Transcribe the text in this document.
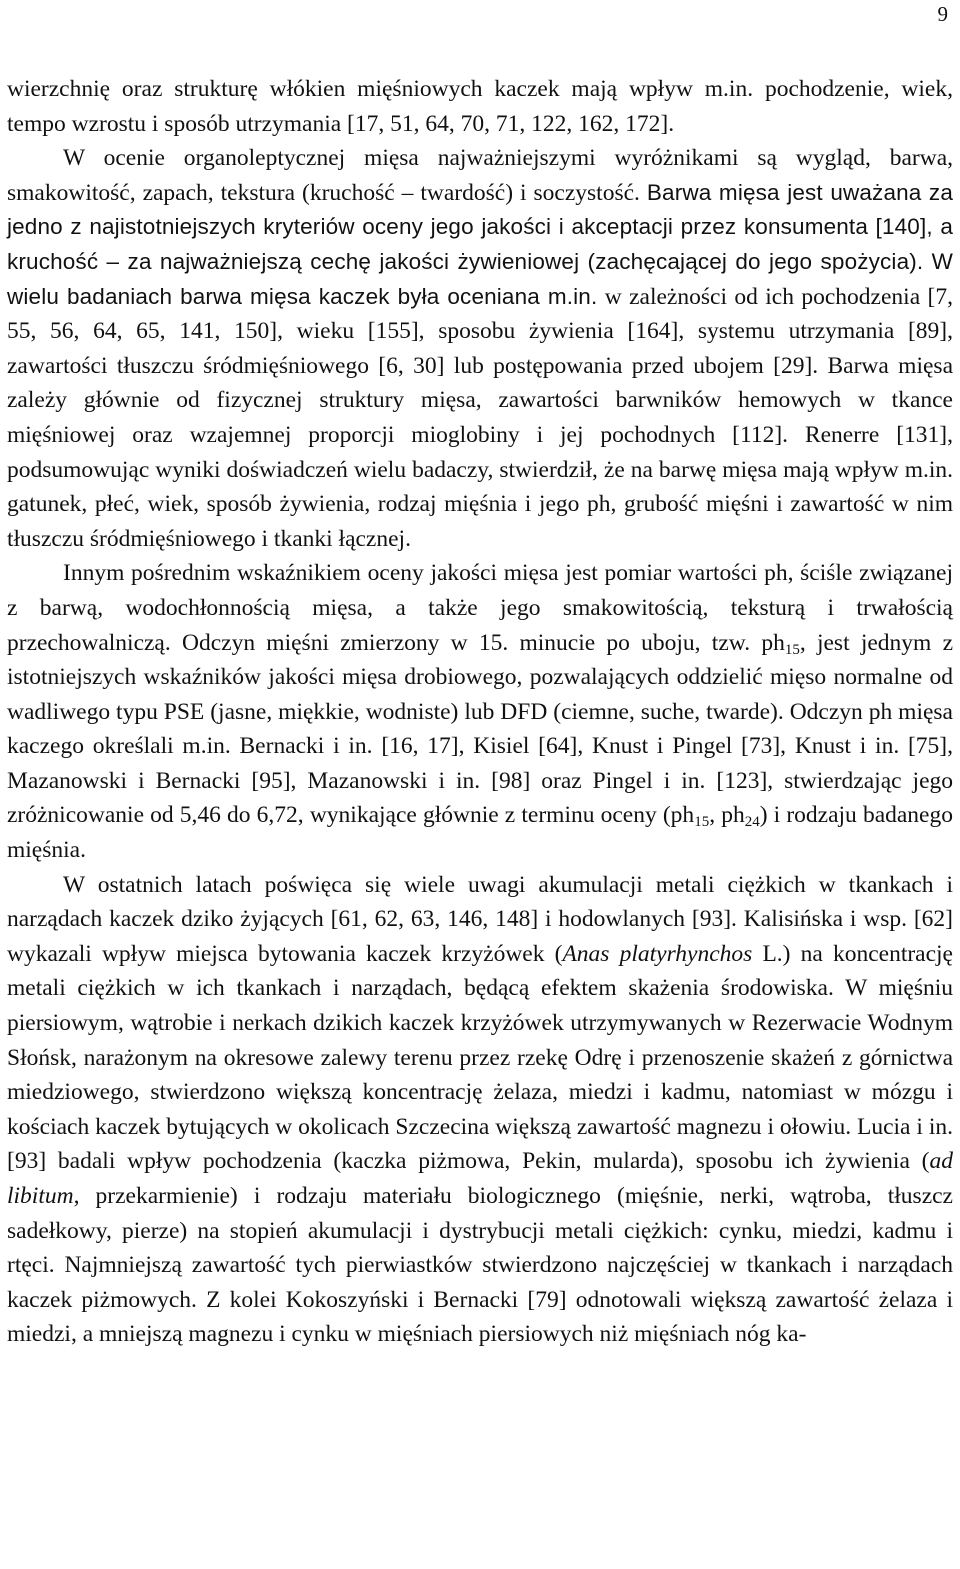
9

wierzchnię oraz strukturę włókien mięśniowych kaczek mają wpływ m.in. pochodzenie, wiek, tempo wzrostu i sposób utrzymania [17, 51, 64, 70, 71, 122, 162, 172].

W ocenie organoleptycznej mięsa najważniejszymi wyróżnikami są wygląd, barwa, smakowitość, zapach, tekstura (kruchość – twardość) i soczystość. Barwa mięsa jest uważana za jedno z najistotniejszych kryteriów oceny jego jakości i akceptacji przez konsumenta [140], a kruchość – za najważniejszą cechę jakości żywieniowej (zachęcającej do jego spożycia). W wielu badaniach barwa mięsa kaczek była oceniana m.in. w zależności od ich pochodzenia [7, 55, 56, 64, 65, 141, 150], wieku [155], sposobu żywienia [164], systemu utrzymania [89], zawartości tłuszczu śródmięśniowego [6, 30] lub postępowania przed ubojem [29]. Barwa mięsa zależy głównie od fizycznej struktury mięsa, zawartości barwników hemowych w tkance mięśniowej oraz wzajemnej proporcji mioglobiny i jej pochodnych [112]. Renerre [131], podsumowując wyniki doświadczeń wielu badaczy, stwierdził, że na barwę mięsa mają wpływ m.in. gatunek, płeć, wiek, sposób żywienia, rodzaj mięśnia i jego ph, grubość mięśni i zawartość w nim tłuszczu śródmięśniowego i tkanki łącznej.

Innym pośrednim wskaźnikiem oceny jakości mięsa jest pomiar wartości ph, ściśle związanej z barwą, wodochłonnością mięsa, a także jego smakowitością, teksturą i trwałością przechowalniczą. Odczyn mięśni zmierzony w 15. minucie po uboju, tzw. $ph_{15}$, jest jednym z istotniejszych wskaźników jakości mięsa drobiowego, pozwalających oddzielić mięso normalne od wadliwego typu PSE (jasne, miękkie, wodniste) lub DFD (ciemne, suche, twarde). Odczyn ph mięsa kaczego określali m.in. Bernacki i in. [16, 17], Kisiel [64], Knust i Pingel [73], Knust i in. [75], Mazanowski i Bernacki [95], Mazanowski i in. [98] oraz Pingel i in. [123], stwierdzając jego zróżnicowanie od 5,46 do 6,72, wynikające głównie z terminu oceny ($ph_{15}$, $ph_{24}$) i rodzaju badanego mięśnia.

W ostatnich latach poświęca się wiele uwagi akumulacji metali ciężkich w tkankach i narządach kaczek dziko żyjących [61, 62, 63, 146, 148] i hodowlanych [93]. Kalisińska i wsp. [62] wykazali wpływ miejsca bytowania kaczek krzyżówek (Anas platyrhynchos L.) na koncentrację metali ciężkich w ich tkankach i narządach, będącą efektem skażenia środowiska. W mięśniu piersiowym, wątrobie i nerkach dzikich kaczek krzyżówek utrzymywanych w Rezerwacie Wodnym Słońsk, narażonym na okresowe zalewy terenu przez rzekę Odrę i przenoszenie skażeń z górnictwa miedziowego, stwierdzono większą koncentrację żelaza, miedzi i kadmu, natomiast w mózgu i kościach kaczek bytujących w okolicach Szczecina większą zawartość magnezu i ołowiu. Lucia i in. [93] badali wpływ pochodzenia (kaczka piżmowa, Pekin, mularda), sposobu ich żywienia (ad libitum, przekarmienie) i rodzaju materiału biologicznego (mięśnie, nerki, wątroba, tłuszcz sadełkowy, pierze) na stopień akumulacji i dystrybucji metali ciężkich: cynku, miedzi, kadmu i rtęci. Najmniejszą zawartość tych pierwiastków stwierdzono najczęściej w tkankach i narządach kaczek piżmowych. Z kolei Kokoszyński i Bernacki [79] odnotowali większą zawartość żelaza i miedzi, a mniejszą magnezu i cynku w mięśniach piersiowych niż mięśniach nóg ka-
